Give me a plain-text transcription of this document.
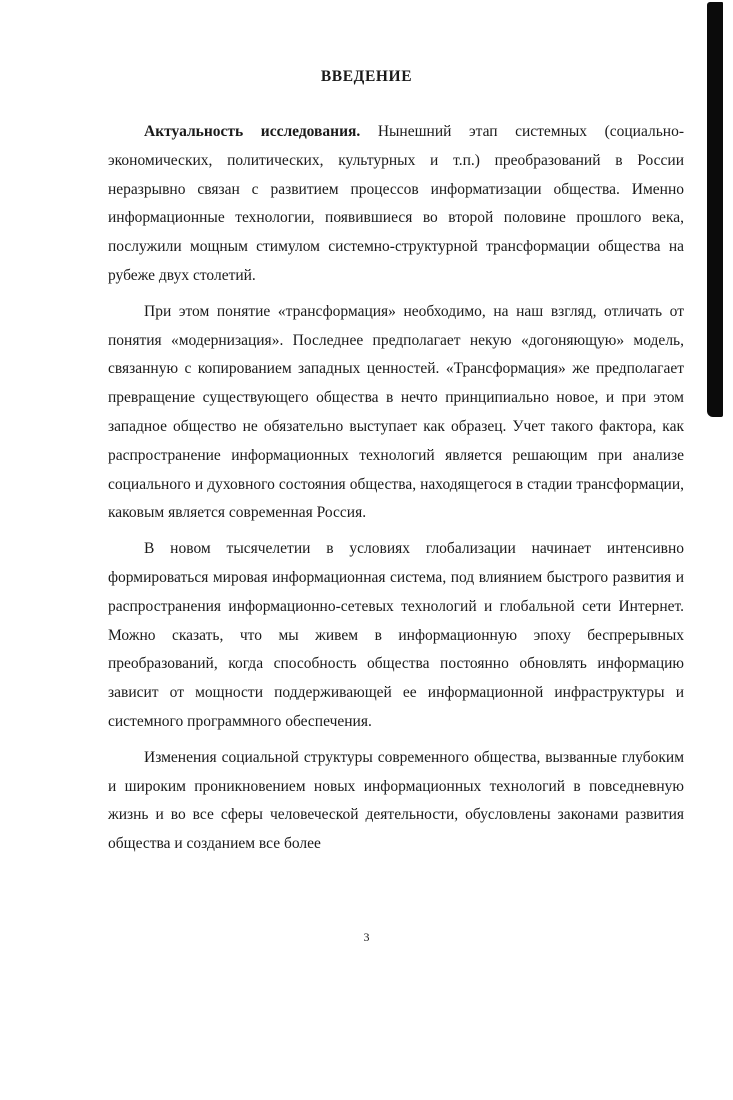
ВВЕДЕНИЕ

Актуальность исследования. Нынешний этап системных (социально-экономических, политических, культурных и т.п.) преобразований в России неразрывно связан с развитием процессов информатизации общества. Именно информационные технологии, появившиеся во второй половине прошлого века, послужили мощным стимулом системно-структурной трансформации общества на рубеже двух столетий.

При этом понятие «трансформация» необходимо, на наш взгляд, отличать от понятия «модернизация». Последнее предполагает некую «догоняющую» модель, связанную с копированием западных ценностей. «Трансформация» же предполагает превращение существующего общества в нечто принципиально новое, и при этом западное общество не обязательно выступает как образец. Учет такого фактора, как распространение информационных технологий является решающим при анализе социального и духовного состояния общества, находящегося в стадии трансформации, каковым является современная Россия.

В новом тысячелетии в условиях глобализации начинает интенсивно формироваться мировая информационная система, под влиянием быстрого развития и распространения информационно-сетевых технологий и глобальной сети Интернет. Можно сказать, что мы живем в информационную эпоху беспрерывных преобразований, когда способность общества постоянно обновлять информацию зависит от мощности поддерживающей ее информационной инфраструктуры и системного программного обеспечения.

Изменения социальной структуры современного общества, вызванные глубоким и широким проникновением новых информационных технологий в повседневную жизнь и во все сферы человеческой деятельности, обусловлены законами развития общества и созданием все более

3
